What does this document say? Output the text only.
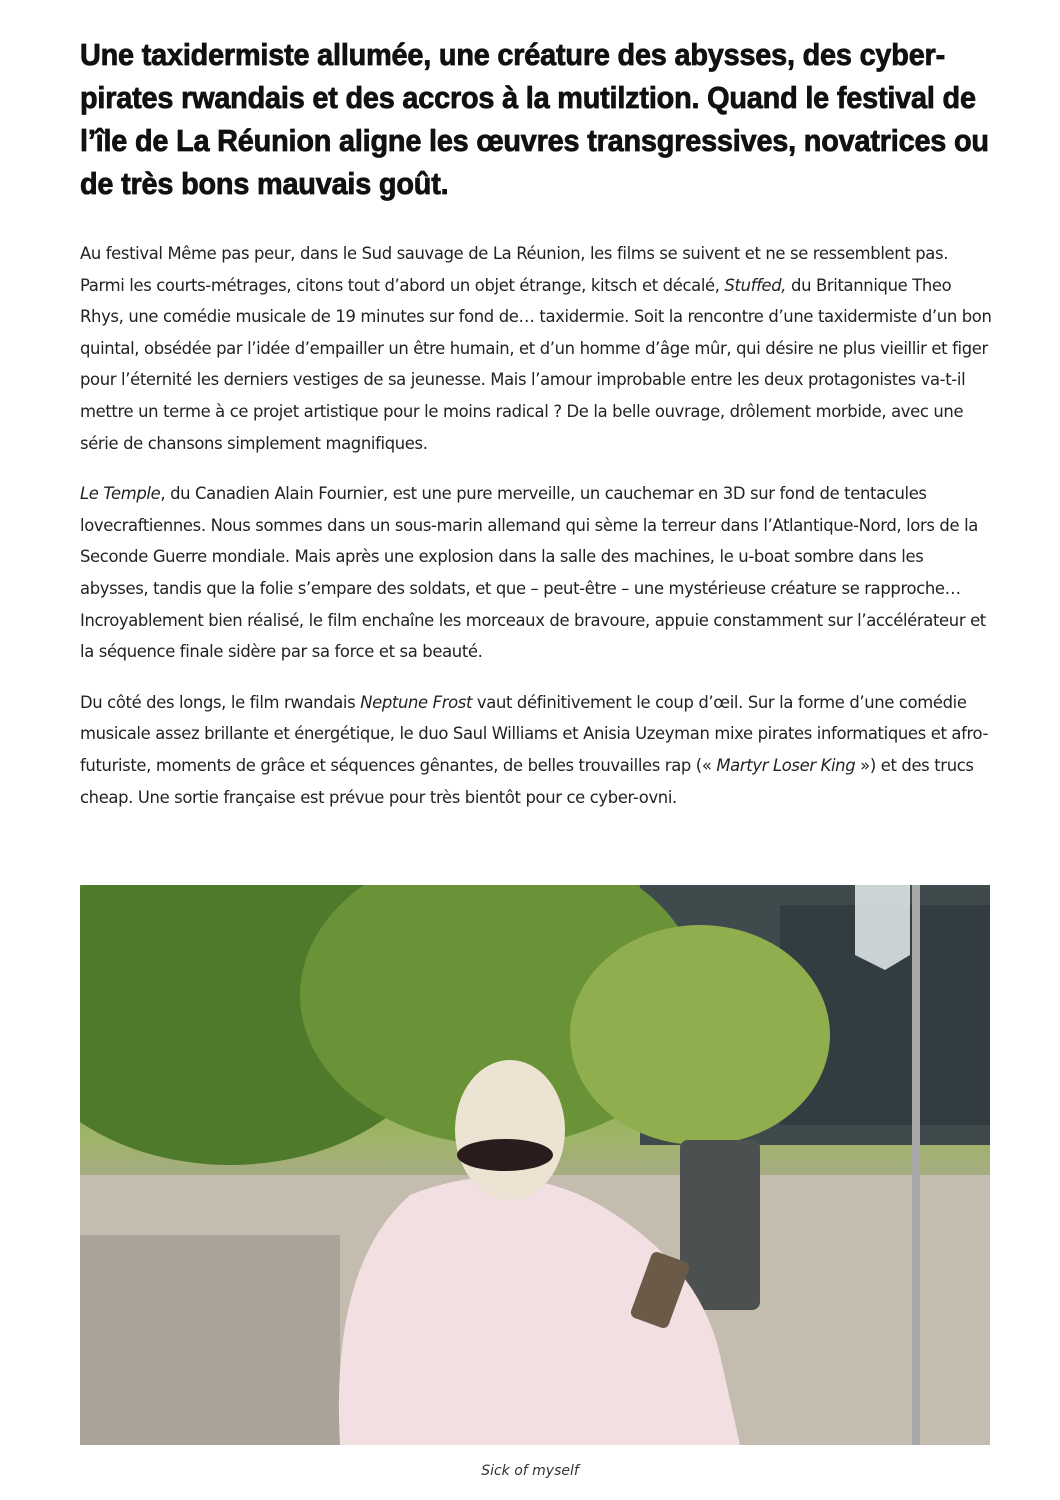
Une taxidermiste allumée, une créature des abysses, des cyber-pirates rwandais et des accros à la mutilztion. Quand le festival de l’île de La Réunion aligne les œuvres transgressives, novatrices ou de très bons mauvais goût.

Au festival Même pas peur, dans le Sud sauvage de La Réunion, les films se suivent et ne se ressemblent pas. Parmi les courts-métrages, citons tout d’abord un objet étrange, kitsch et décalé, Stuffed, du Britannique Theo Rhys, une comédie musicale de 19 minutes sur fond de… taxidermie. Soit la rencontre d’une taxidermiste d’un bon quintal, obsédée par l’idée d’empailler un être humain, et d’un homme d’âge mûr, qui désire ne plus vieillir et figer pour l’éternité les derniers vestiges de sa jeunesse. Mais l’amour improbable entre les deux protagonistes va-t-il mettre un terme à ce projet artistique pour le moins radical ? De la belle ouvrage, drôlement morbide, avec une série de chansons simplement magnifiques.

Le Temple, du Canadien Alain Fournier, est une pure merveille, un cauchemar en 3D sur fond de tentacules lovecraftiennes. Nous sommes dans un sous-marin allemand qui sème la terreur dans l’Atlantique-Nord, lors de la Seconde Guerre mondiale. Mais après une explosion dans la salle des machines, le u-boat sombre dans les abysses, tandis que la folie s’empare des soldats, et que – peut-être – une mystérieuse créature se rapproche… Incroyablement bien réalisé, le film enchaîne les morceaux de bravoure, appuie constamment sur l’accélérateur et la séquence finale sidère par sa force et sa beauté.

Du côté des longs, le film rwandais Neptune Frost vaut définitivement le coup d’œil. Sur la forme d’une comédie musicale assez brillante et énergétique, le duo Saul Williams et Anisia Uzeyman mixe pirates informatiques et afro-futuriste, moments de grâce et séquences gênantes, de belles trouvailles rap (« Martyr Loser King ») et des trucs cheap. Une sortie française est prévue pour très bientôt pour ce cyber-ovni.

Sick of myself
